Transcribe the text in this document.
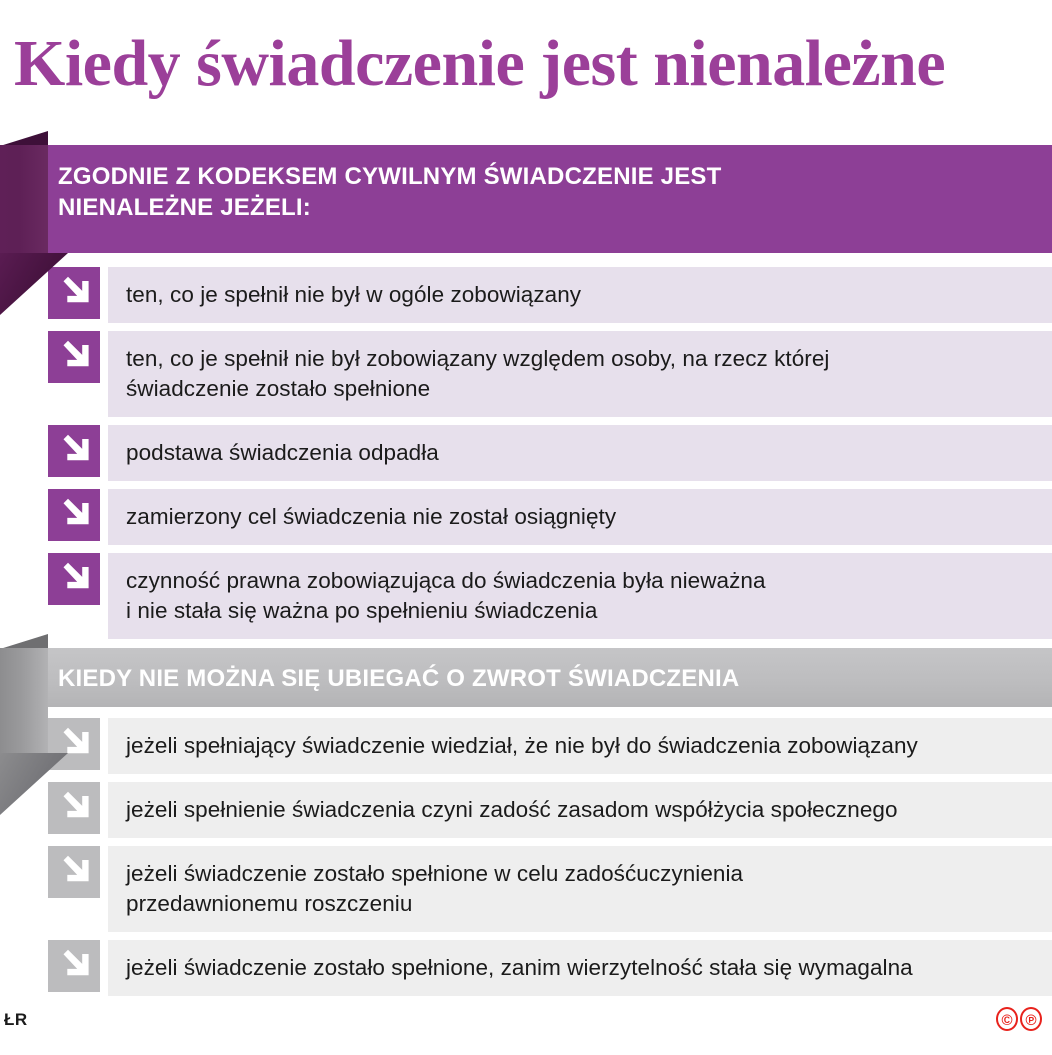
Kiedy świadczenie jest nienależne
ZGODNIE Z KODEKSEM CYWILNYM ŚWIADCZENIE JEST
NIENALEŻNE JEŻELI:
ten, co je spełnił nie był w ogóle zobowiązany
ten, co je spełnił nie był zobowiązany względem osoby, na rzecz której
świadczenie zostało spełnione
podstawa świadczenia odpadła
zamierzony cel świadczenia nie został osiągnięty
czynność prawna zobowiązująca do świadczenia była nieważna
i nie stała się ważna po spełnieniu świadczenia
KIEDY NIE MOŻNA SIĘ UBIEGAĆ O ZWROT ŚWIADCZENIA
jeżeli spełniający świadczenie wiedział, że nie był do świadczenia zobowiązany
jeżeli spełnienie świadczenia czyni zadość zasadom współżycia społecznego
jeżeli świadczenie zostało spełnione w celu zadośćuczynienia
przedawnionemu roszczeniu
jeżeli świadczenie zostało spełnione, zanim wierzytelność stała się wymagalna
ŁR	© ℗
